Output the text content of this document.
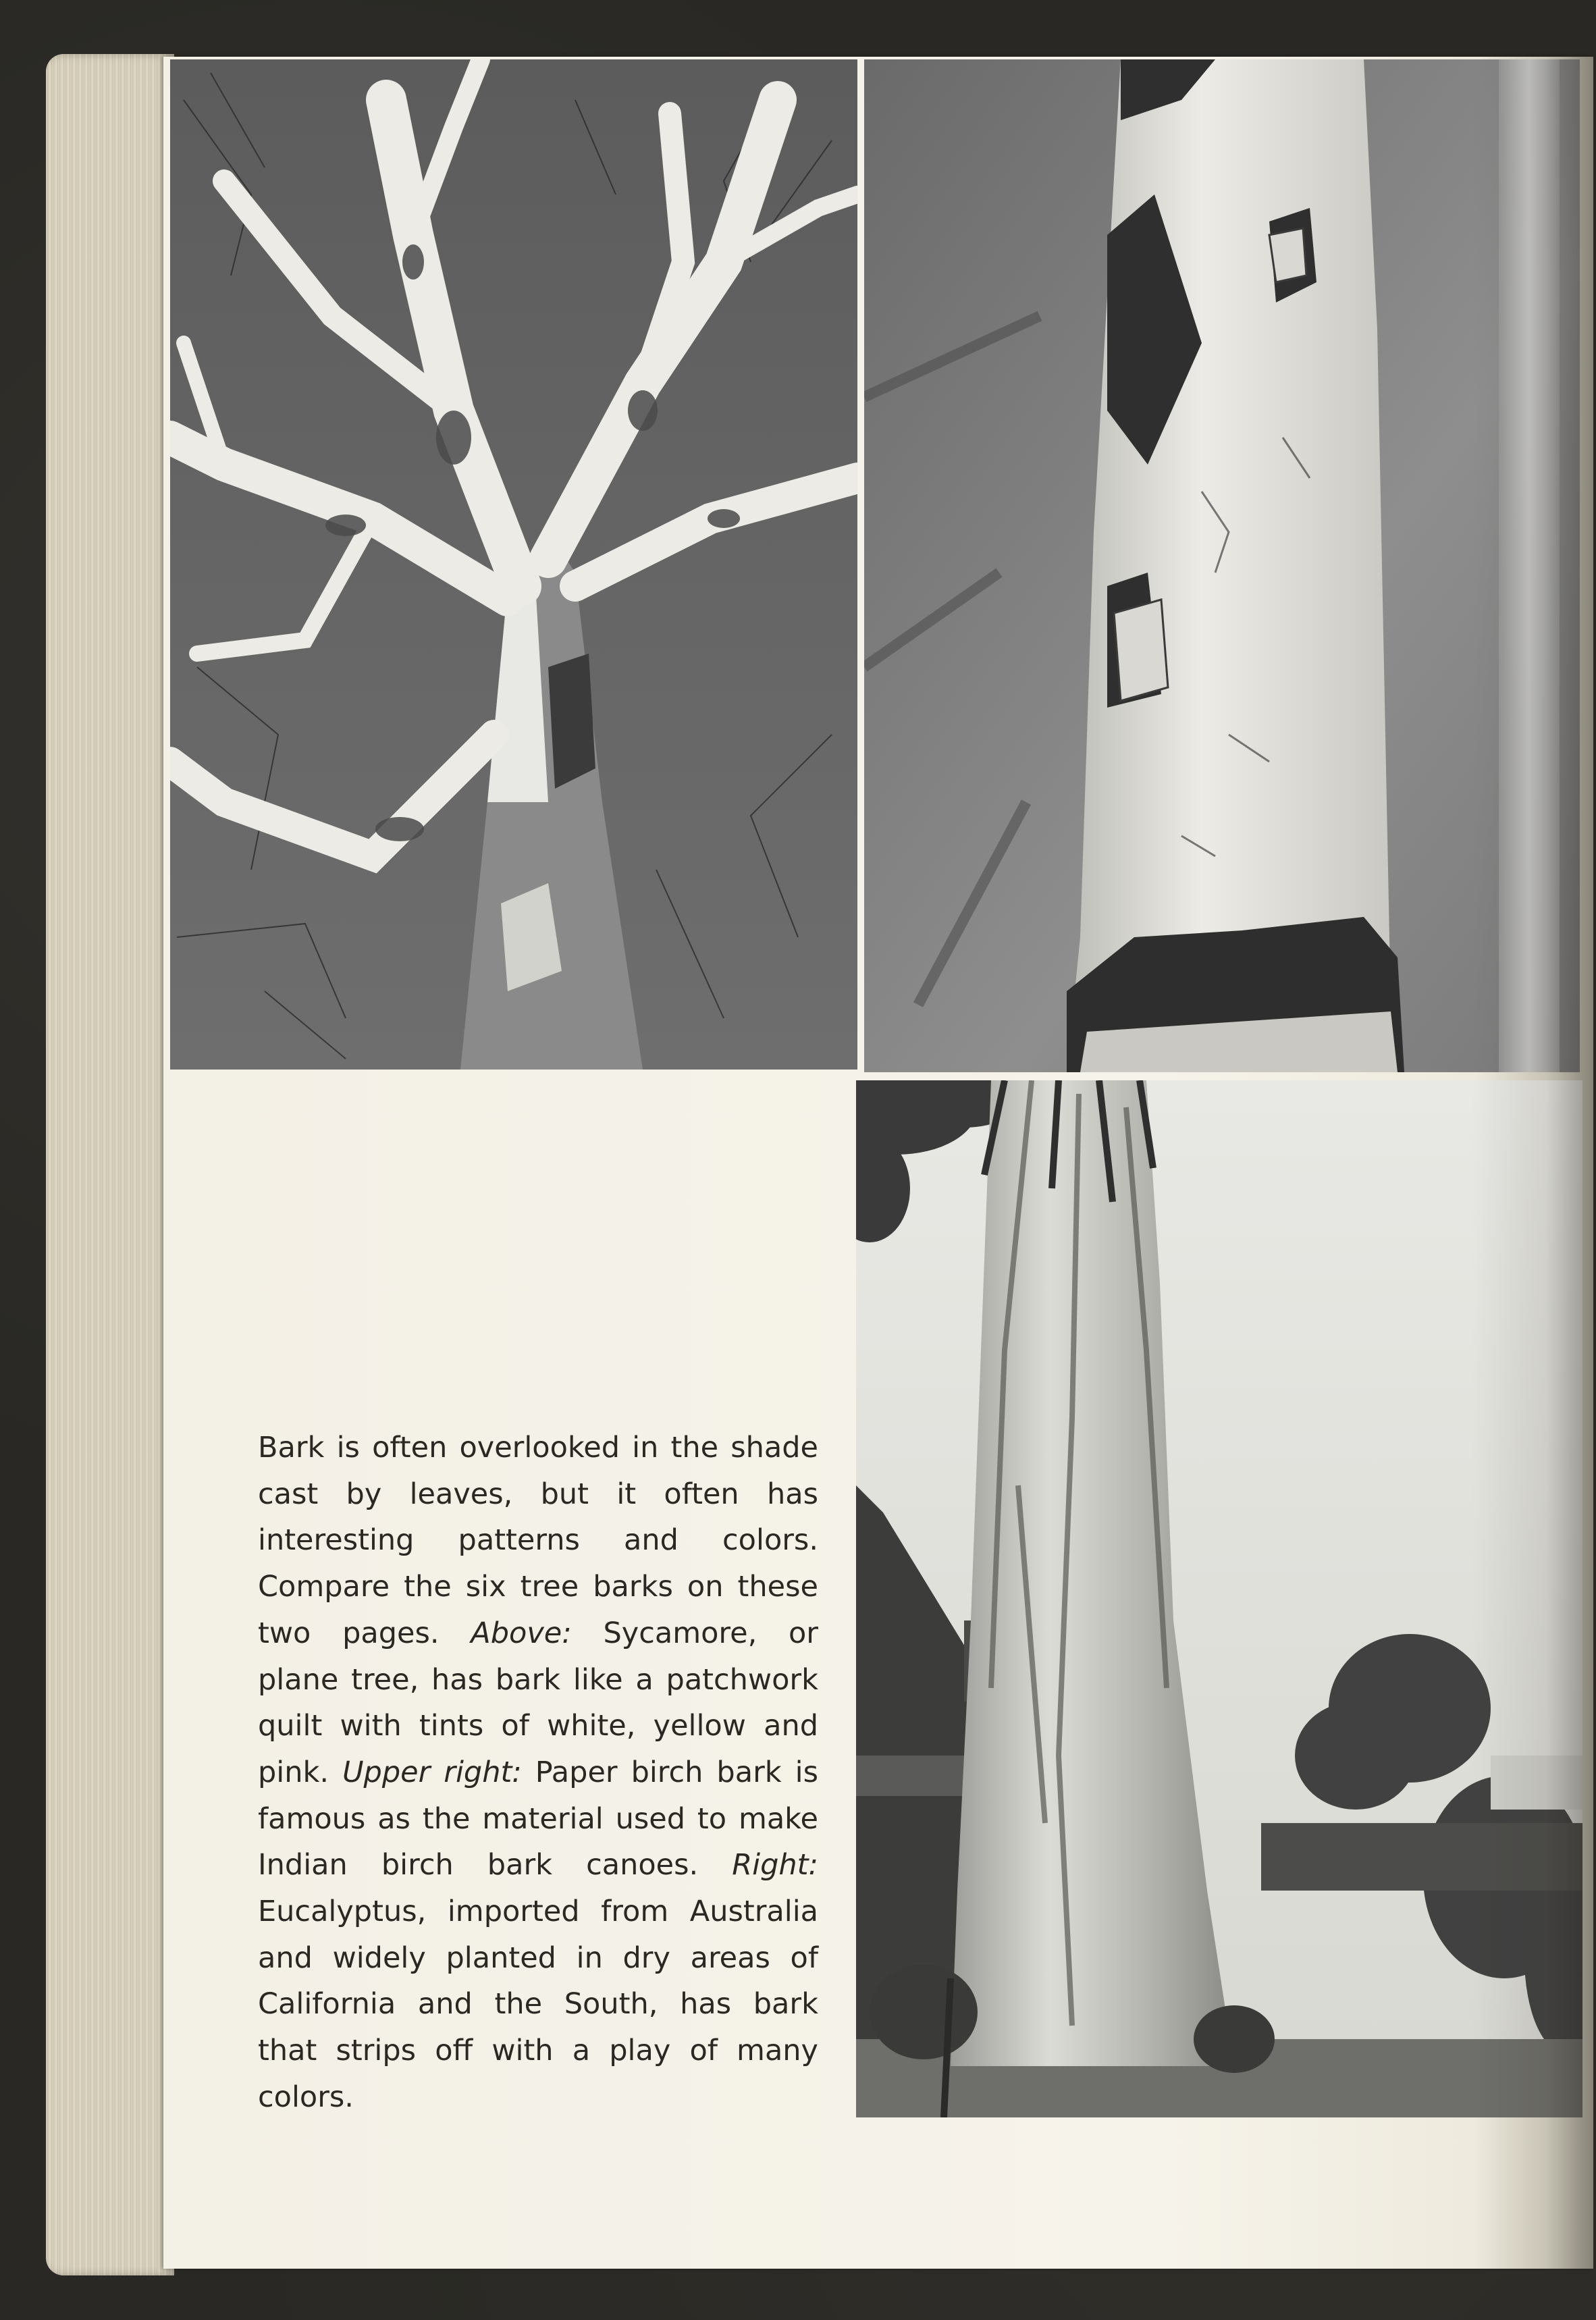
Bark is often overlooked in the shade cast by leaves, but it often has interesting patterns and colors. Compare the six tree barks on these two pages. Above: Sycamore, or plane tree, has bark like a patchwork quilt with tints of white, yellow and pink. Upper right: Paper birch bark is famous as the material used to make Indian birch bark canoes. Right: Eucalyptus, imported from Australia and widely planted in dry areas of California and the South, has bark that strips off with a play of many colors.
